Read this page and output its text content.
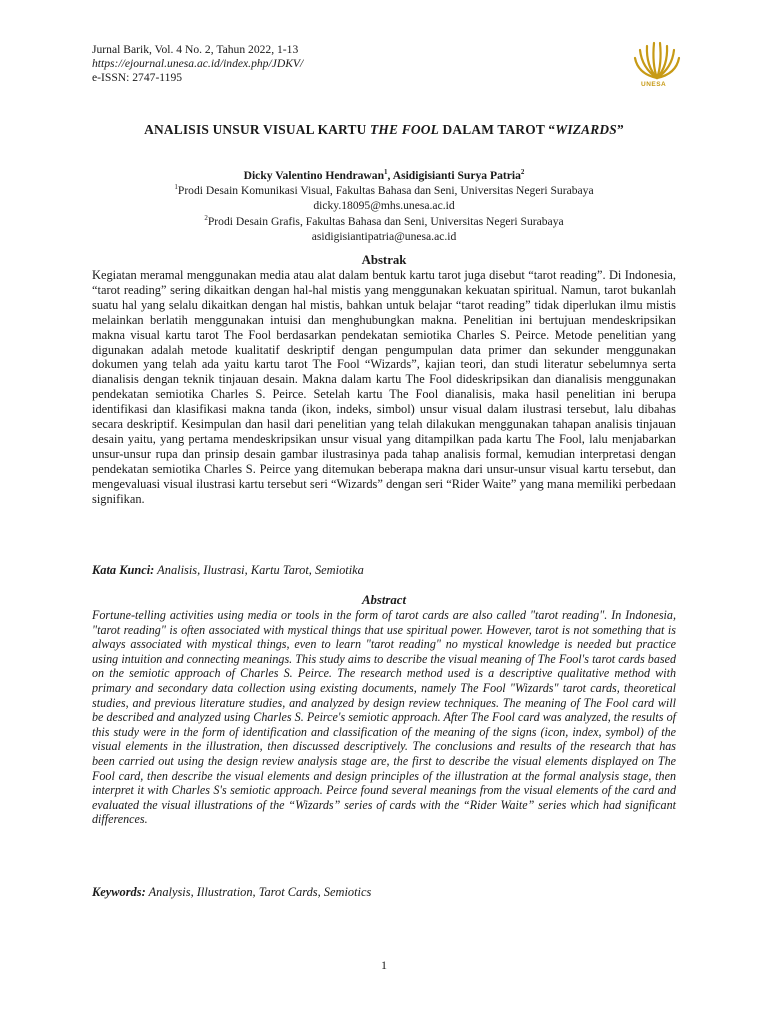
Jurnal Barik, Vol. 4 No. 2, Tahun 2022, 1-13
https://ejournal.unesa.ac.id/index.php/JDKV/
e-ISSN: 2747-1195
UNESA
ANALISIS UNSUR VISUAL KARTU THE FOOL DALAM TAROT “WIZARDS”
Dicky Valentino Hendrawan$^1$, Asidigisianti Surya Patria$^2$
$^1$Prodi Desain Komunikasi Visual, Fakultas Bahasa dan Seni, Universitas Negeri Surabaya
dicky.18095@mhs.unesa.ac.id
$^2$Prodi Desain Grafis, Fakultas Bahasa dan Seni, Universitas Negeri Surabaya
asidigisiantipatria@unesa.ac.id
Abstrak
Kegiatan meramal menggunakan media atau alat dalam bentuk kartu tarot juga disebut “tarot reading”. Di Indonesia, “tarot reading” sering dikaitkan dengan hal-hal mistis yang menggunakan kekuatan spiritual. Namun, tarot bukanlah suatu hal yang selalu dikaitkan dengan hal mistis, bahkan untuk belajar “tarot reading” tidak diperlukan ilmu mistis melainkan berlatih menggunakan intuisi dan menghubungkan makna. Penelitian ini bertujuan mendeskripsikan makna visual kartu tarot The Fool berdasarkan pendekatan semiotika Charles S. Peirce. Metode penelitian yang digunakan adalah metode kualitatif deskriptif dengan pengumpulan data primer dan sekunder menggunakan dokumen yang telah ada yaitu kartu tarot The Fool “Wizards”, kajian teori, dan studi literatur sebelumnya serta dianalisis dengan teknik tinjauan desain. Makna dalam kartu The Fool dideskripsikan dan dianalisis menggunakan pendekatan semiotika Charles S. Peirce. Setelah kartu The Fool dianalisis, maka hasil penelitian ini berupa identifikasi dan klasifikasi makna tanda (ikon, indeks, simbol) unsur visual dalam ilustrasi tersebut, lalu dibahas secara deskriptif. Kesimpulan dan hasil dari penelitian yang telah dilakukan menggunakan tahapan analisis tinjauan desain yaitu, yang pertama mendeskripsikan unsur visual yang ditampilkan pada kartu The Fool, lalu menjabarkan unsur-unsur rupa dan prinsip desain gambar ilustrasinya pada tahap analisis formal, kemudian interpretasi dengan pendekatan semiotika Charles S. Peirce yang ditemukan beberapa makna dari unsur-unsur visual kartu tersebut, dan mengevaluasi visual ilustrasi kartu tersebut seri “Wizards” dengan seri “Rider Waite” yang mana memiliki perbedaan signifikan.
Kata Kunci: Analisis, Ilustrasi, Kartu Tarot, Semiotika
Abstract
Fortune-telling activities using media or tools in the form of tarot cards are also called "tarot reading". In Indonesia, "tarot reading" is often associated with mystical things that use spiritual power. However, tarot is not something that is always associated with mystical things, even to learn "tarot reading" no mystical knowledge is needed but practice using intuition and connecting meanings. This study aims to describe the visual meaning of The Fool's tarot cards based on the semiotic approach of Charles S. Peirce. The research method used is a descriptive qualitative method with primary and secondary data collection using existing documents, namely The Fool "Wizards" tarot cards, theoretical studies, and previous literature studies, and analyzed by design review techniques. The meaning of The Fool card will be described and analyzed using Charles S. Peirce's semiotic approach. After The Fool card was analyzed, the results of this study were in the form of identification and classification of the meaning of the signs (icon, index, symbol) of the visual elements in the illustration, then discussed descriptively. The conclusions and results of the research that has been carried out using the design review analysis stage are, the first to describe the visual elements displayed on The Fool card, then describe the visual elements and design principles of the illustration at the formal analysis stage, then interpret it with Charles S's semiotic approach. Peirce found several meanings from the visual elements of the card and evaluated the visual illustrations of the “Wizards” series of cards with the “Rider Waite” series which had significant differences.
Keywords: Analysis, Illustration, Tarot Cards, Semiotics
1
